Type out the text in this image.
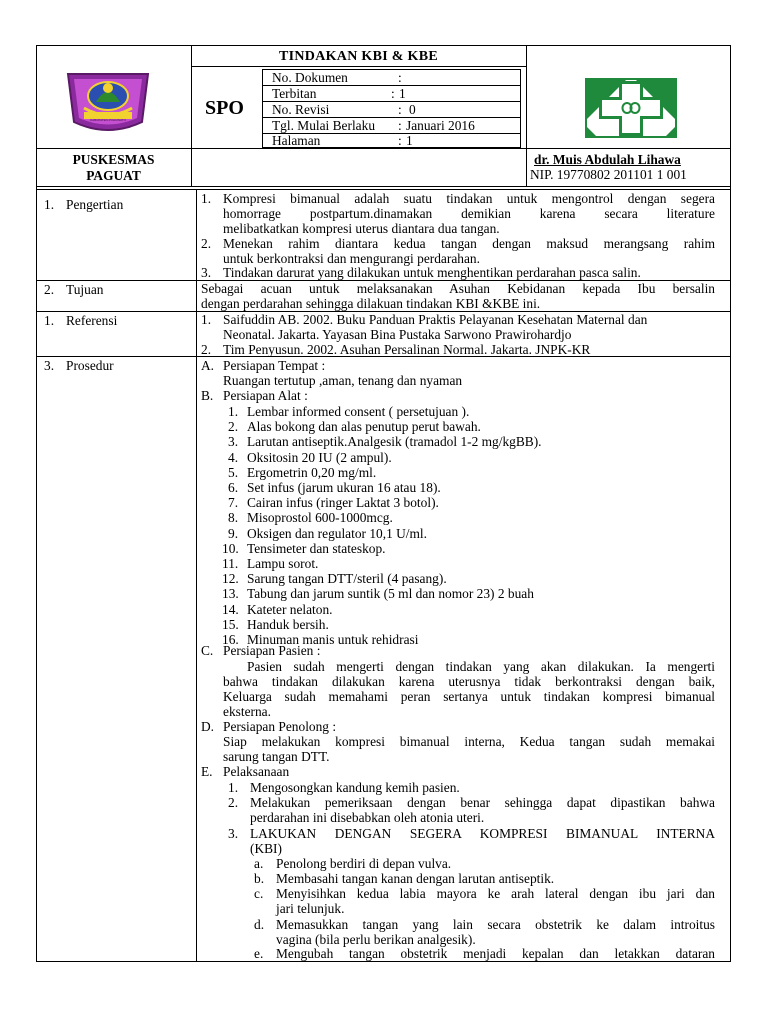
KABUPATEN POHUWATO
TINDAKAN KBI & KBE
SPO
No. Dokumen	:
Terbitan	: 1
No. Revisi	: 0
Tgl. Mulai Berlaku : Januari 2016
Halaman	: 1
PUSKESMAS
PAGUAT
dr. Muis Abdulah Lihawa
NIP. 19770802 201101 1 001
1. Pengertian	1. Kompresi bimanual adalah suatu tindakan untuk mengontrol dengan segera
homorrage postpartum.dinamakan demikian karena secara literature
melibatkatkan kompresi uterus diantara dua tangan.
2. Menekan rahim diantara kedua tangan dengan maksud merangsang rahim
untuk berkontraksi dan mengurangi perdarahan.
3. Tindakan darurat yang dilakukan untuk menghentikan perdarahan pasca salin.
2. Tujuan	Sebagai acuan untuk melaksanakan Asuhan Kebidanan kepada Ibu bersalin
dengan perdarahan sehingga dilakuan tindakan KBI &KBE ini.
1. Referensi	1. Saifuddin AB. 2002. Buku Panduan Praktis Pelayanan Kesehatan Maternal dan
Neonatal. Jakarta. Yayasan Bina Pustaka Sarwono Prawirohardjo
2. Tim Penyusun. 2002. Asuhan Persalinan Normal. Jakarta. JNPK-KR
3. Prosedur	A. Persiapan Tempat :
Ruangan tertutup ,aman, tenang dan nyaman
B. Persiapan Alat :
1. Lembar informed consent ( persetujuan ).
2. Alas bokong dan alas penutup perut bawah.
3. Larutan antiseptik.Analgesik (tramadol 1-2 mg/kgBB).
4. Oksitosin 20 IU (2 ampul).
5. Ergometrin 0,20 mg/ml.
6. Set infus (jarum ukuran 16 atau 18).
7. Cairan infus (ringer Laktat 3 botol).
8. Misoprostol 600-1000mcg.
9. Oksigen dan regulator 10,1 U/ml.
10. Tensimeter dan stateskop.
11. Lampu sorot.
12. Sarung tangan DTT/steril (4 pasang).
13. Tabung dan jarum suntik (5 ml dan nomor 23) 2 buah
14. Kateter nelaton.
15. Handuk bersih.
16. Minuman manis untuk rehidrasi
C. Persiapan Pasien :
Pasien sudah mengerti dengan tindakan yang akan dilakukan. Ia mengerti
bahwa tindakan dilakukan karena uterusnya tidak berkontraksi dengan baik,
Keluarga sudah memahami peran sertanya untuk tindakan kompresi bimanual
eksterna.
D. Persiapan Penolong :
Siap melakukan kompresi bimanual interna, Kedua tangan sudah memakai
sarung tangan DTT.
E. Pelaksanaan
1. Mengosongkan kandung kemih pasien.
2. Melakukan pemeriksaan dengan benar sehingga dapat dipastikan bahwa
perdarahan ini disebabkan oleh atonia uteri.
3. LAKUKAN DENGAN SEGERA KOMPRESI BIMANUAL INTERNA
(KBI)
a. Penolong berdiri di depan vulva.
b. Membasahi tangan kanan dengan larutan antiseptik.
c. Menyisihkan kedua labia mayora ke arah lateral dengan ibu jari dan
jari telunjuk.
d. Memasukkan tangan yang lain secara obstetrik ke dalam introitus
vagina (bila perlu berikan analgesik).
e. Mengubah tangan obstetrik menjadi kepalan dan letakkan dataran
